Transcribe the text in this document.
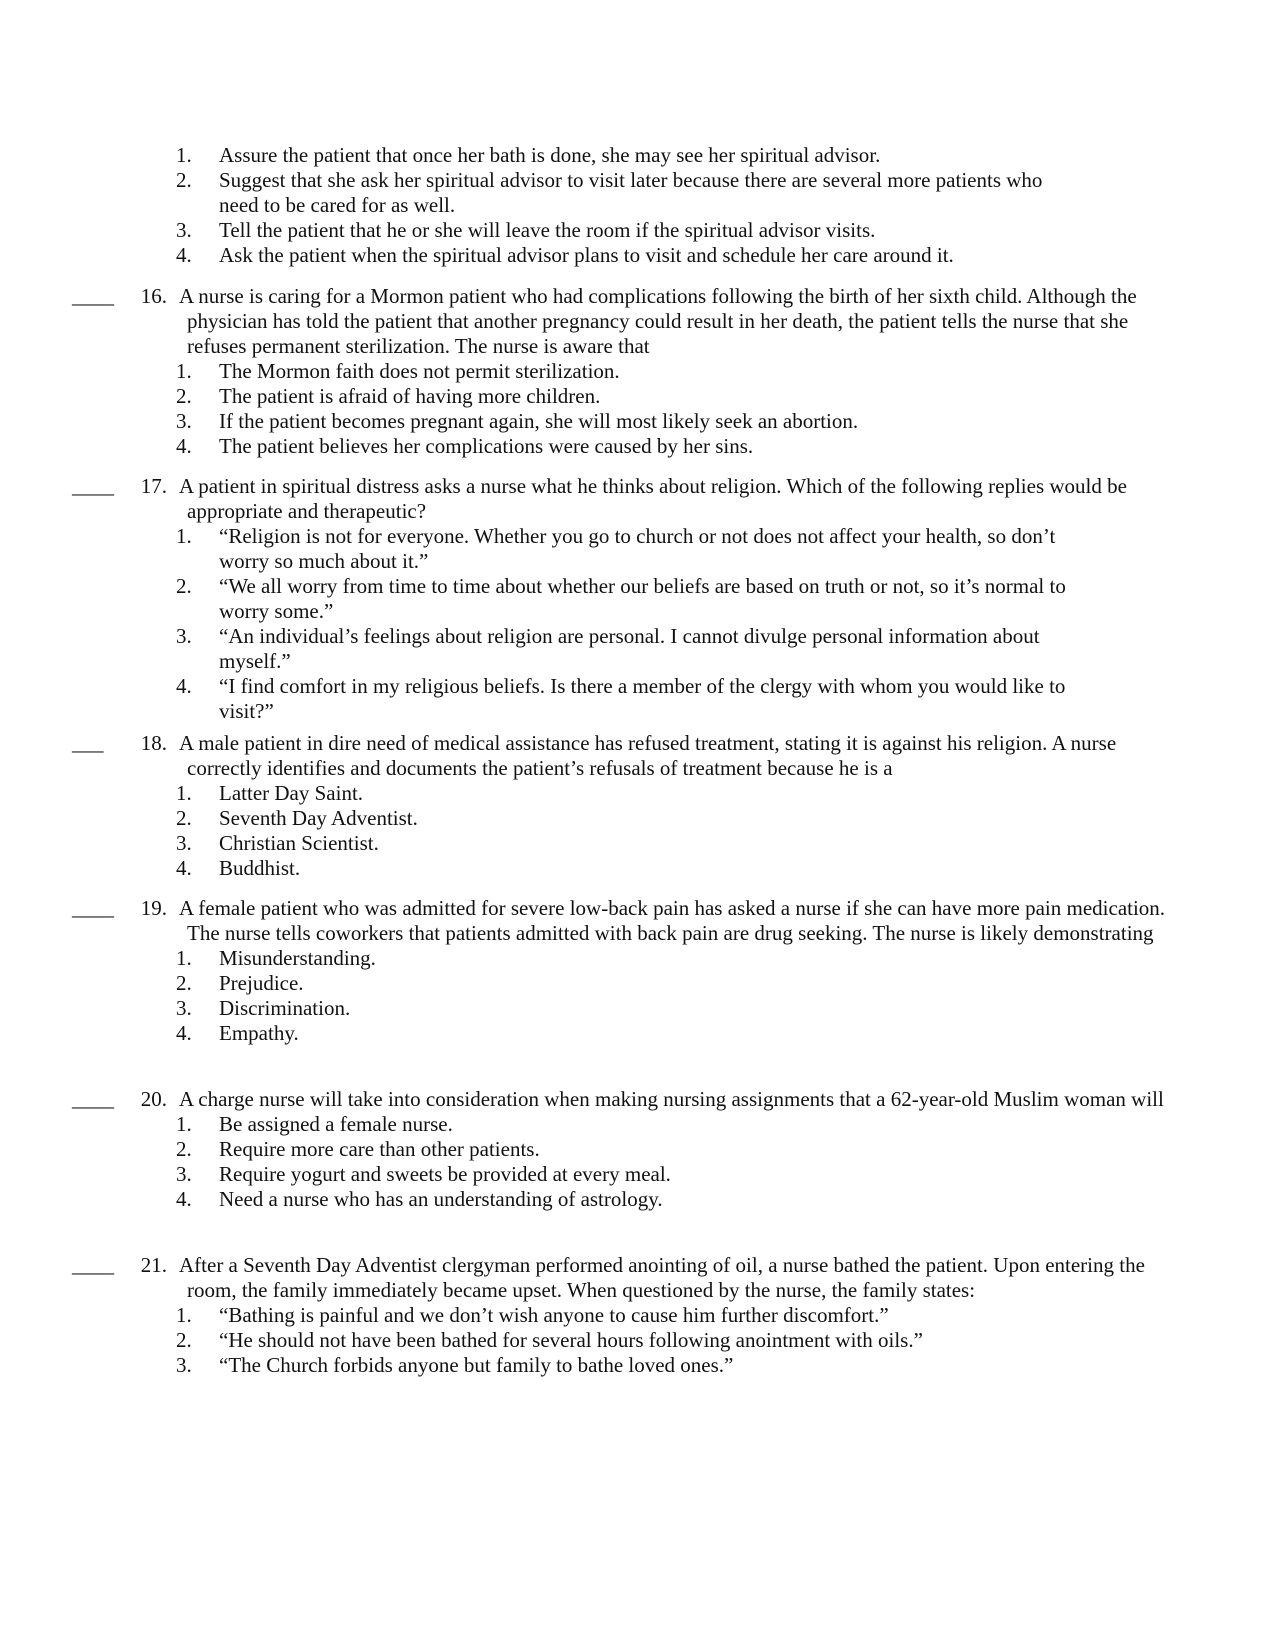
1.	Assure the patient that once her bath is done, she may see her spiritual advisor.
2.	Suggest that she ask her spiritual advisor to visit later because there are several more patients who need to be cared for as well.
3.	Tell the patient that he or she will leave the room if the spiritual advisor visits.
4.	Ask the patient when the spiritual advisor plans to visit and schedule her care around it.
____	16. A nurse is caring for a Mormon patient who had complications following the birth of her sixth child. Although the physician has told the patient that another pregnancy could result in her death, the patient tells the nurse that she refuses permanent sterilization. The nurse is aware that
1.	The Mormon faith does not permit sterilization.
2.	The patient is afraid of having more children.
3.	If the patient becomes pregnant again, she will most likely seek an abortion.
4.	The patient believes her complications were caused by her sins.
____	17. A patient in spiritual distress asks a nurse what he thinks about religion. Which of the following replies would be appropriate and therapeutic?
1.	“Religion is not for everyone. Whether you go to church or not does not affect your health, so don’t worry so much about it.”
2.	“We all worry from time to time about whether our beliefs are based on truth or not, so it’s normal to worry some.”
3.	“An individual’s feelings about religion are personal. I cannot divulge personal information about myself.”
4.	“I find comfort in my religious beliefs. Is there a member of the clergy with whom you would like to visit?”
___	18. A male patient in dire need of medical assistance has refused treatment, stating it is against his religion. A nurse correctly identifies and documents the patient’s refusals of treatment because he is a
1.	Latter Day Saint.
2.	Seventh Day Adventist.
3.	Christian Scientist.
4.	Buddhist.
____	19. A female patient who was admitted for severe low-back pain has asked a nurse if she can have more pain medication. The nurse tells coworkers that patients admitted with back pain are drug seeking. The nurse is likely demonstrating
1.	Misunderstanding.
2.	Prejudice.
3.	Discrimination.
4.	Empathy.
____	20. A charge nurse will take into consideration when making nursing assignments that a 62-year-old Muslim woman will
1.	Be assigned a female nurse.
2.	Require more care than other patients.
3.	Require yogurt and sweets be provided at every meal.
4.	Need a nurse who has an understanding of astrology.
____	21. After a Seventh Day Adventist clergyman performed anointing of oil, a nurse bathed the patient. Upon entering the room, the family immediately became upset. When questioned by the nurse, the family states:
1.	“Bathing is painful and we don’t wish anyone to cause him further discomfort.”
2.	“He should not have been bathed for several hours following anointment with oils.”
3.	“The Church forbids anyone but family to bathe loved ones.”
